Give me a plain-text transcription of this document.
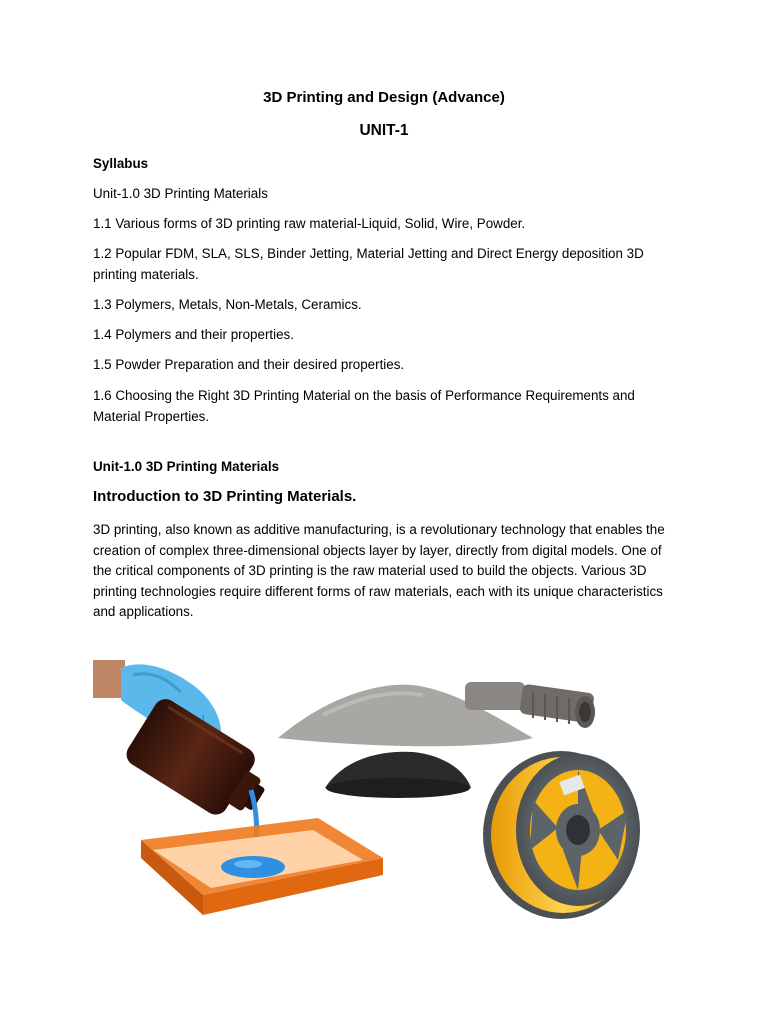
3D Printing and Design (Advance)
UNIT-1

Syllabus

Unit-1.0 3D Printing Materials

1.1 Various forms of 3D printing raw material-Liquid, Solid, Wire, Powder.

1.2 Popular FDM, SLA, SLS, Binder Jetting, Material Jetting and Direct Energy deposition 3D printing materials.

1.3 Polymers, Metals, Non-Metals, Ceramics.

1.4 Polymers and their properties.

1.5 Powder Preparation and their desired properties.

1.6 Choosing the Right 3D Printing Material on the basis of Performance Requirements and Material Properties.

Unit-1.0 3D Printing Materials

Introduction to 3D Printing Materials.

3D printing, also known as additive manufacturing, is a revolutionary technology that enables the creation of complex three-dimensional objects layer by layer, directly from digital models. One of the critical components of 3D printing is the raw material used to build the objects. Various 3D printing technologies require different forms of raw materials, each with its unique characteristics and applications.
